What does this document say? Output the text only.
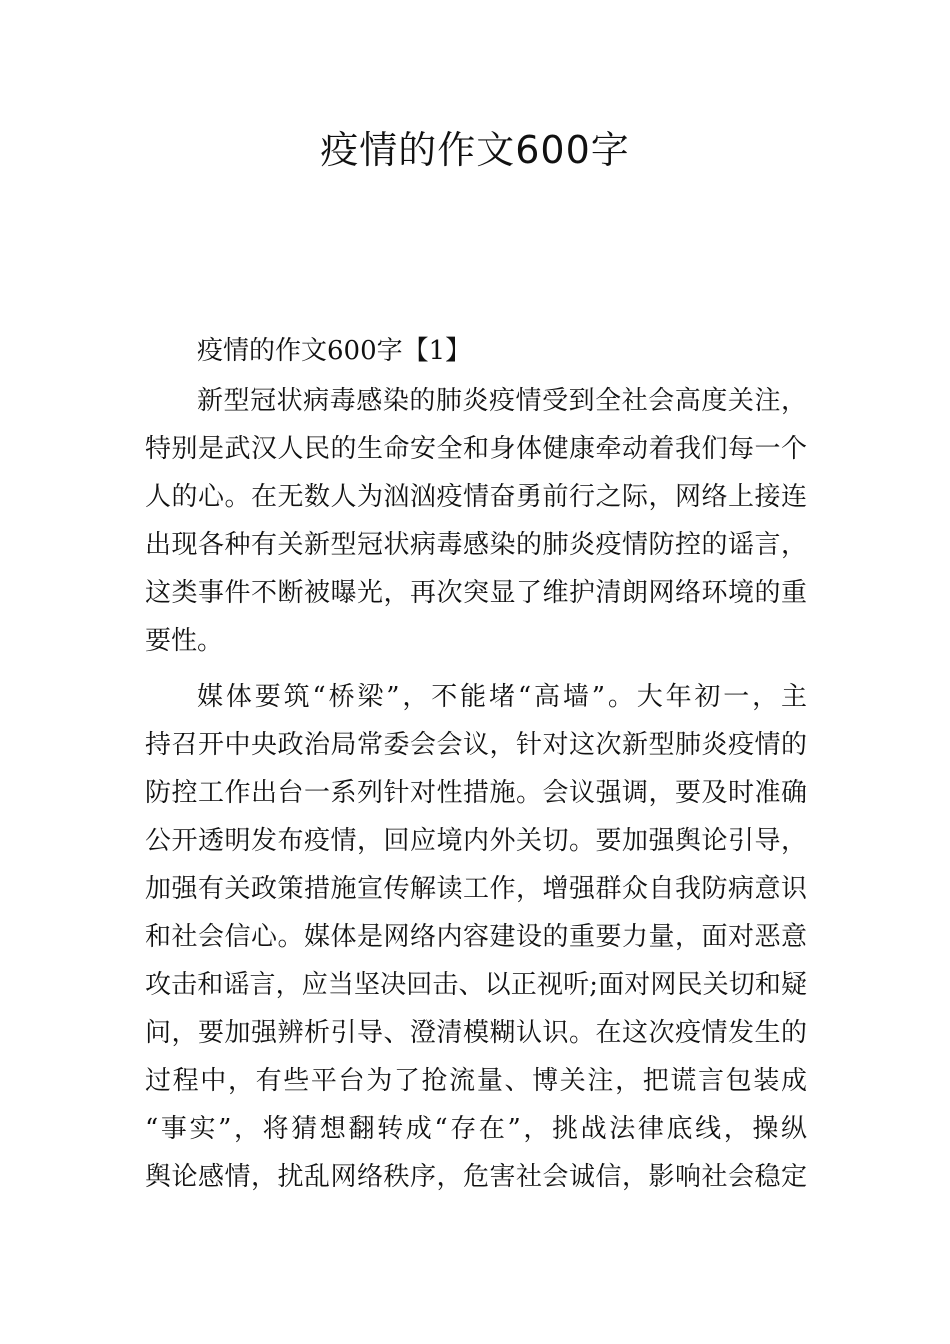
疫情的作文600字
疫情的作文600字【1】
新型冠状病毒感染的肺炎疫情受到全社会高度关注，
特别是武汉人民的生命安全和身体健康牵动着我们每一个
人的心。在无数人为汹汹疫情奋勇前行之际，网络上接连
出现各种有关新型冠状病毒感染的肺炎疫情防控的谣言，
这类事件不断被曝光，再次突显了维护清朗网络环境的重
要性。
媒体要筑“桥梁”，不能堵“高墙”。大年初一，主
持召开中央政治局常委会会议，针对这次新型肺炎疫情的
防控工作出台一系列针对性措施。会议强调，要及时准确
公开透明发布疫情，回应境内外关切。要加强舆论引导，
加强有关政策措施宣传解读工作，增强群众自我防病意识
和社会信心。媒体是网络内容建设的重要力量，面对恶意
攻击和谣言，应当坚决回击、以正视听;面对网民关切和疑
问，要加强辨析引导、澄清模糊认识。在这次疫情发生的
过程中，有些平台为了抢流量、博关注，把谎言包装成
“事实”，将猜想翻转成“存在”，挑战法律底线，操纵
舆论感情，扰乱网络秩序，危害社会诚信，影响社会稳定
